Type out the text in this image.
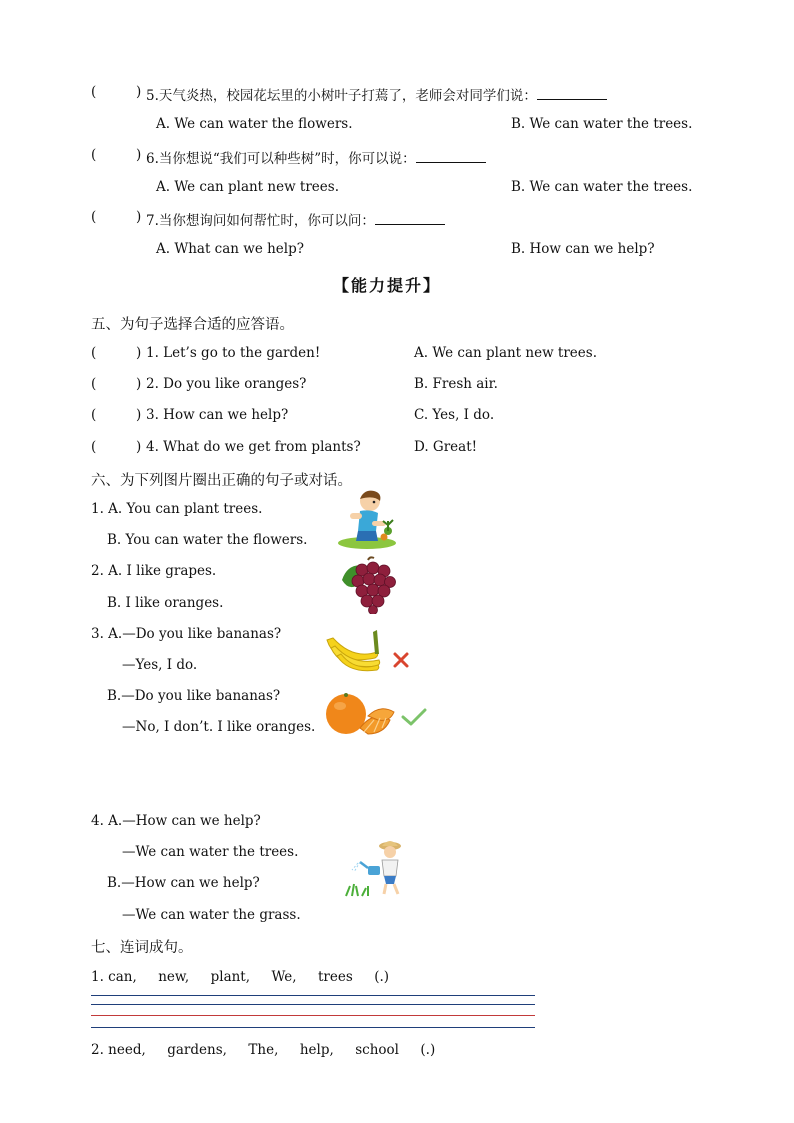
(	) 5.天气炎热，校园花坛里的小树叶子打蔫了，老师会对同学们说：
A. We can water the flowers.	B. We can water the trees.
(	) 6.当你想说“我们可以种些树”时，你可以说：
A. We can plant new trees.	B. We can water the trees.
(	) 7.当你想询问如何帮忙时，你可以问：
A. What can we help?	B. How can we help?
【能力提升】
五、为句子选择合适的应答语。
(	) 1. Let’s go to the garden!	A. We can plant new trees.
(	) 2. Do you like oranges?	B. Fresh air.
(	) 3. How can we help?	C. Yes, I do.
(	) 4. What do we get from plants?	D. Great!
六、为下列图片圈出正确的句子或对话。
1. A. You can plant trees.
B. You can water the flowers.
2. A. I like grapes.
B. I like oranges.
3. A.—Do you like bananas?
—Yes, I do.
B.—Do you like bananas?
—No, I don’t. I like oranges.
4. A.—How can we help?
—We can water the trees.
B.—How can we help?
—We can water the grass.
七、连词成句。
1. can,     new,     plant,     We,     trees     (.)
2. need,     gardens,     The,     help,     school     (.)
